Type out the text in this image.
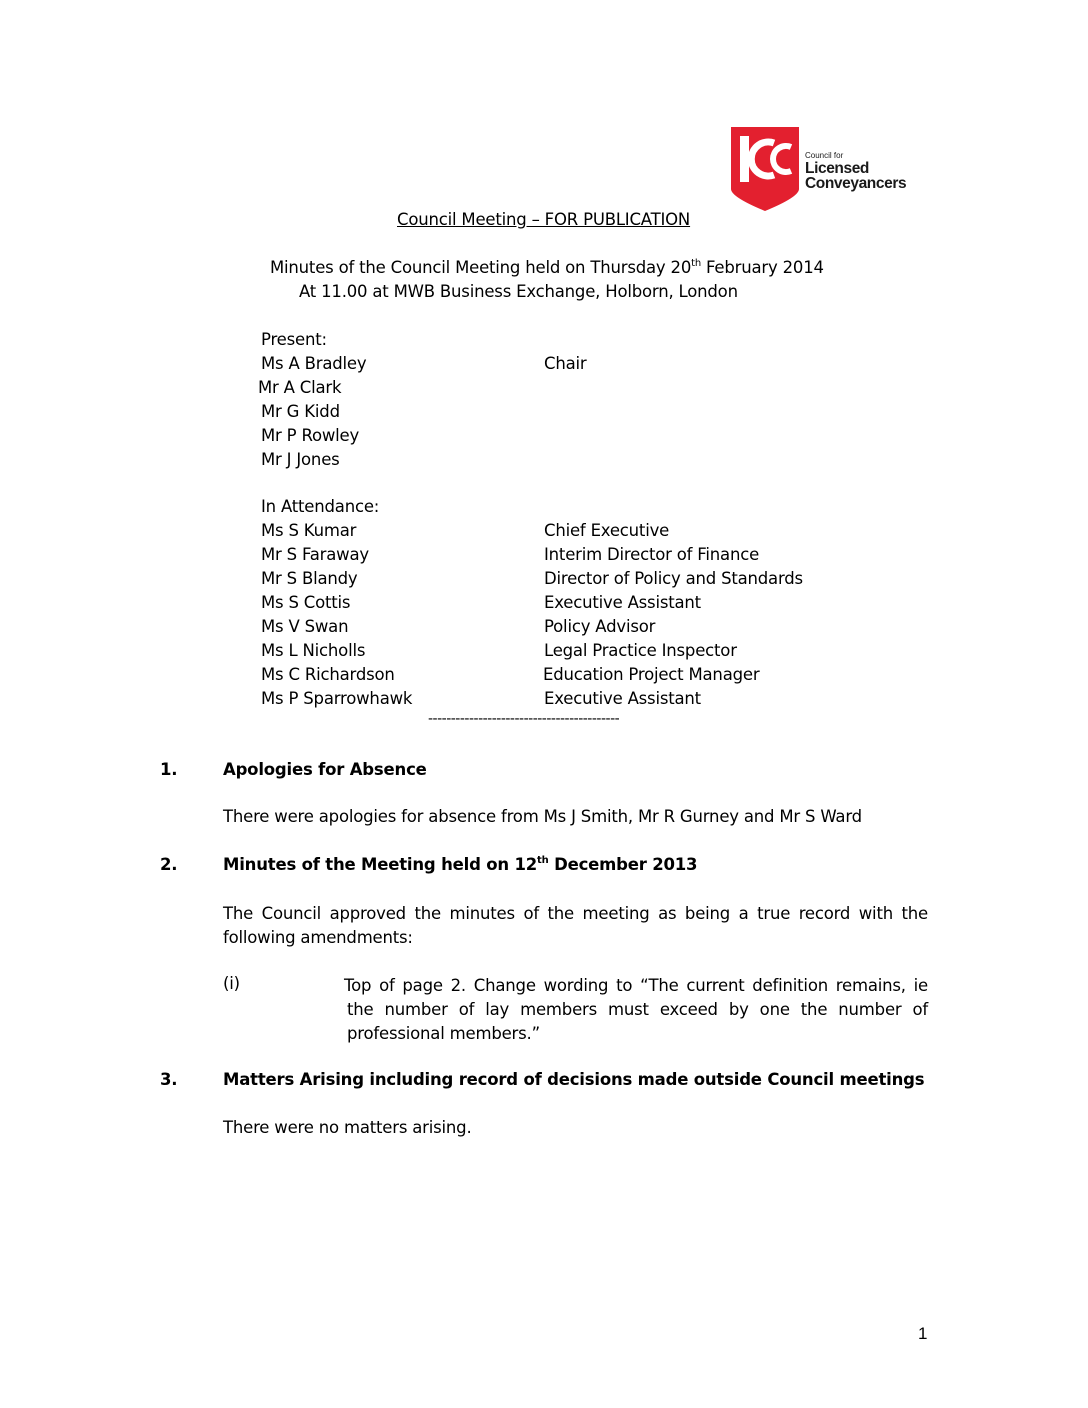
Council for
Licensed
Conveyancers
Council Meeting – FOR PUBLICATION
Minutes of the Council Meeting held on Thursday 20th February 2014
At 11.00 at MWB Business Exchange, Holborn, London
Present:
Ms A Bradley	Chair
Mr A Clark
Mr G Kidd
Mr P Rowley
Mr J Jones
In Attendance:
Ms S Kumar	Chief Executive
Mr S Faraway	Interim Director of Finance
Mr S Blandy	Director of Policy and Standards
Ms S Cottis	Executive Assistant
Ms V Swan	Policy Advisor
Ms L Nicholls	Legal Practice Inspector
Ms C Richardson	Education Project Manager
Ms P Sparrowhawk	Executive Assistant
------------------------------------------
1.	Apologies for Absence
There were apologies for absence from Ms J Smith, Mr R Gurney and Mr S Ward
2.	Minutes of the Meeting held on 12th December 2013
The Council approved the minutes of the meeting as being a true record with the following amendments:
(i)	Top of page 2. Change wording to “The current definition remains, ie the number of lay members must exceed by one the number of professional members.”
3.	Matters Arising including record of decisions made outside Council meetings
There were no matters arising.
1
